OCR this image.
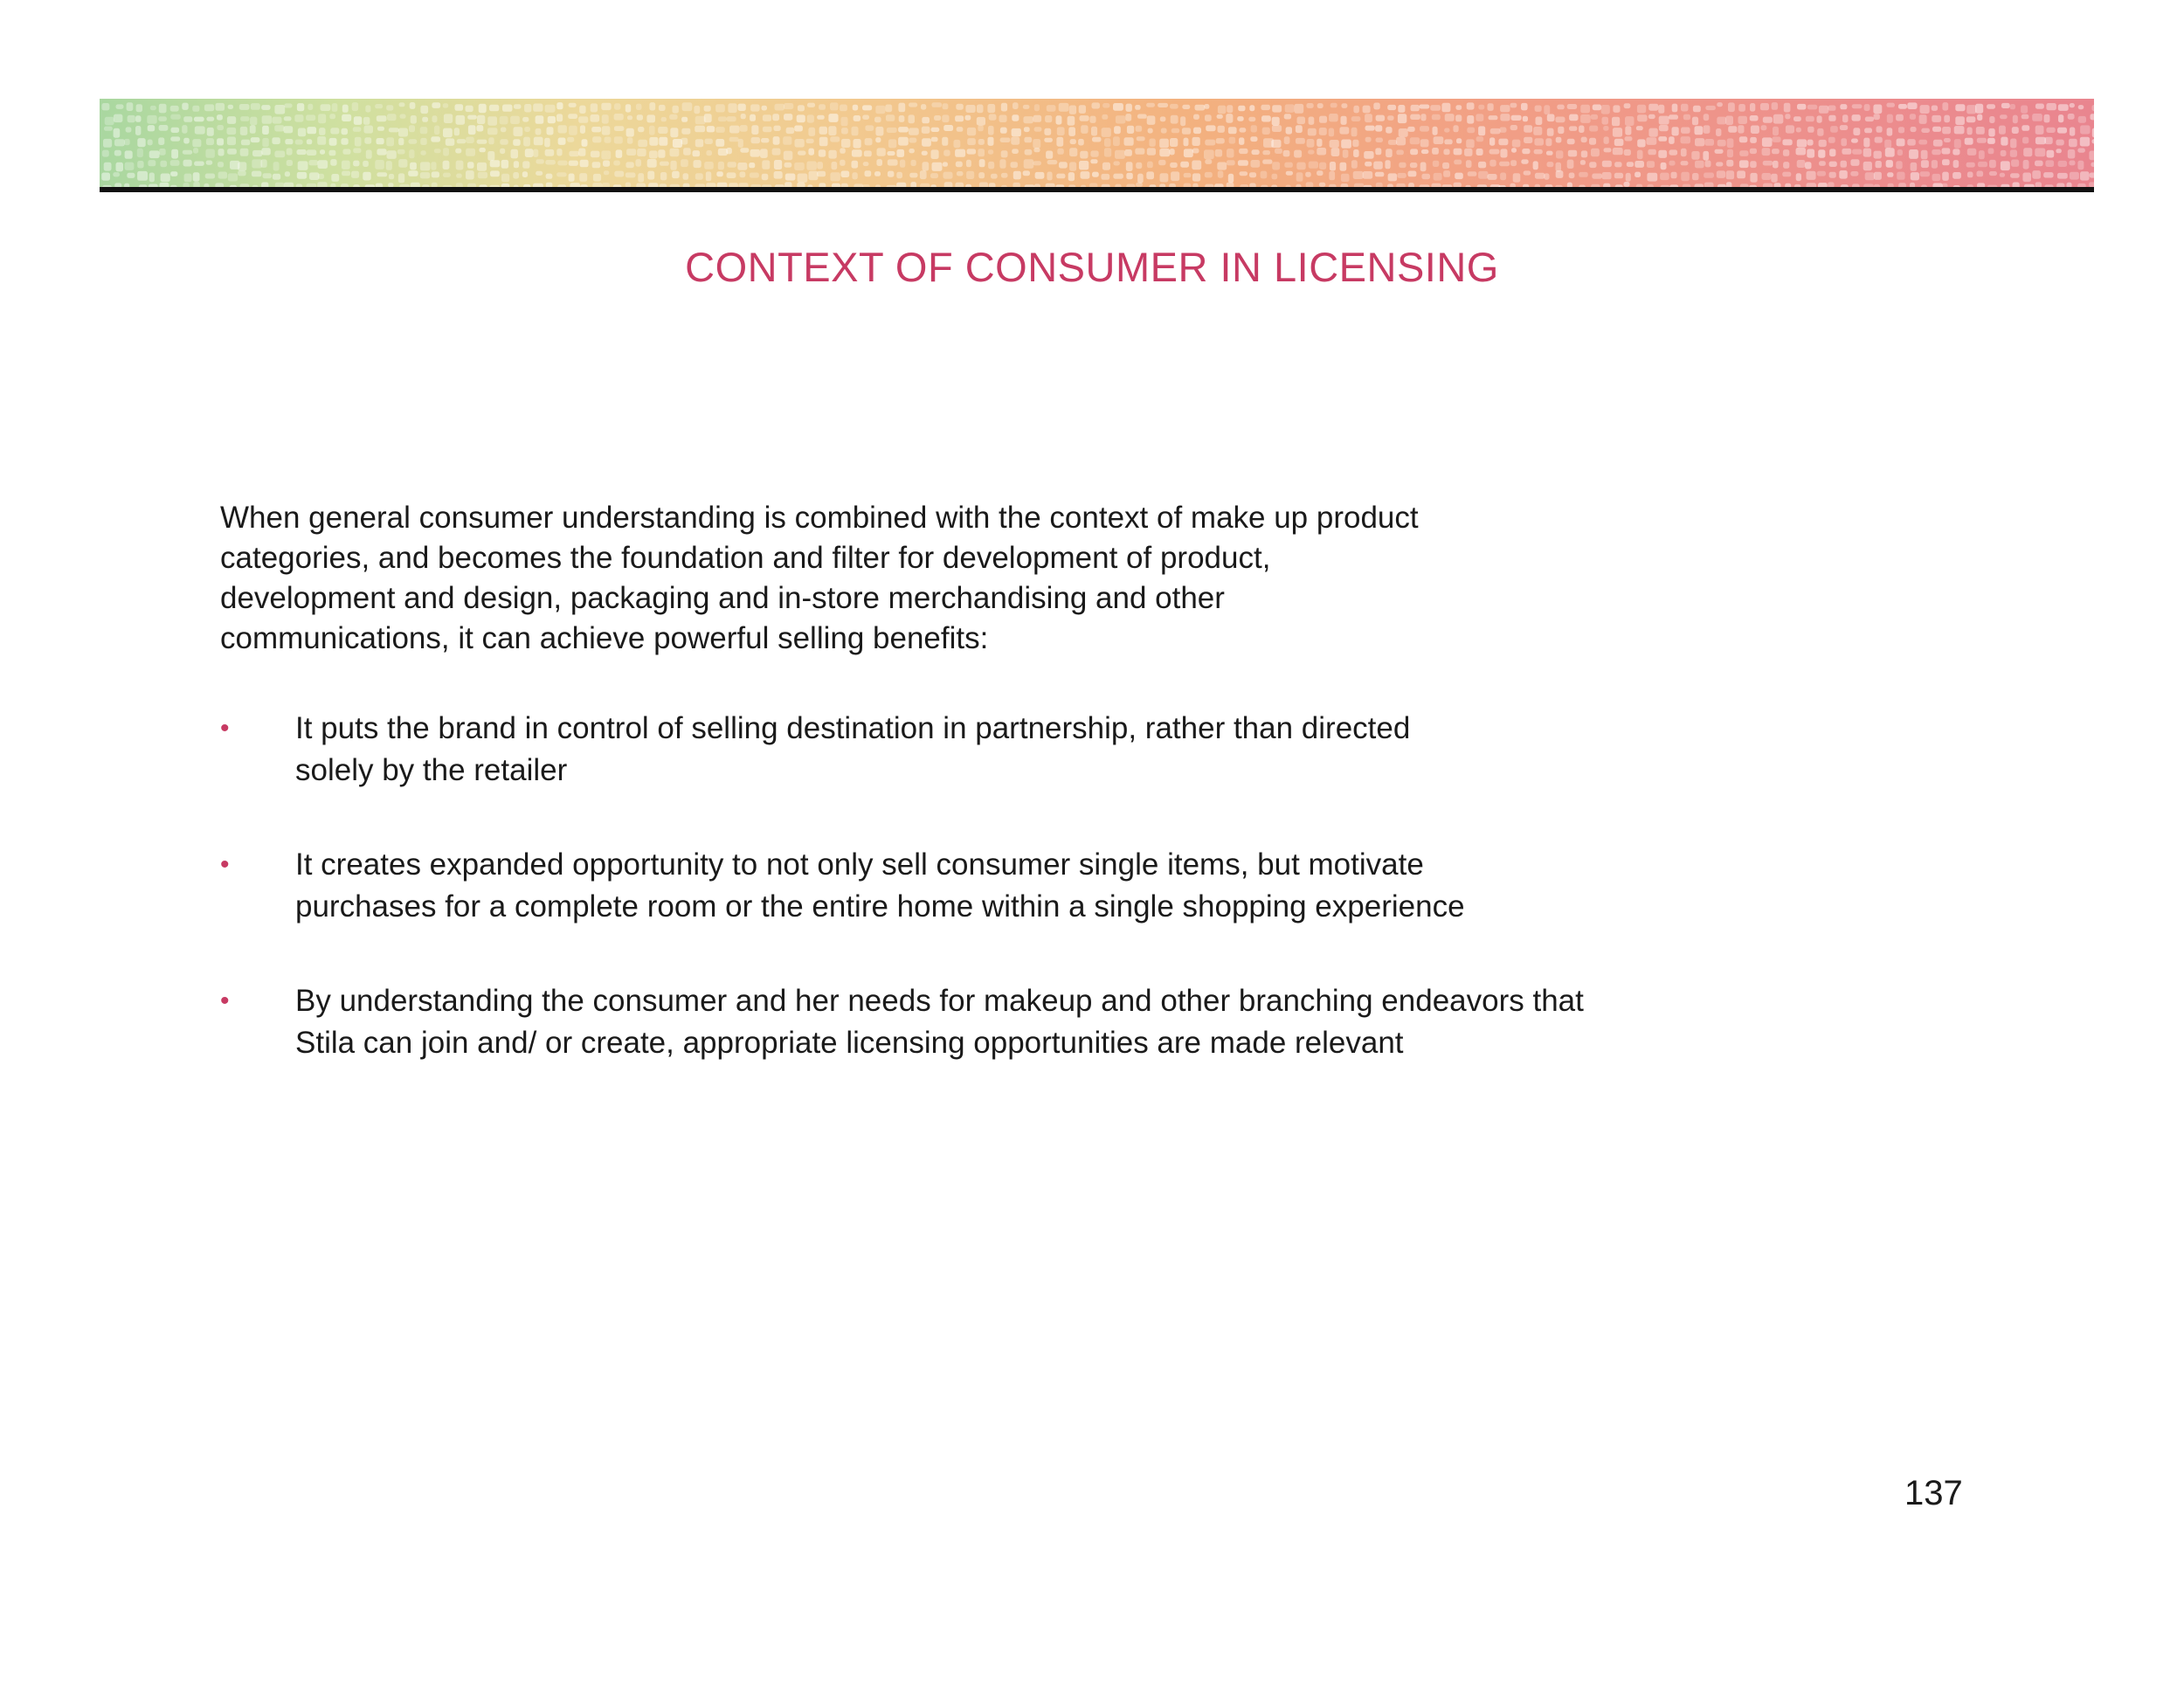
CONTEXT OF CONSUMER IN LICENSING

When general consumer understanding is combined with the context of make up product
categories, and becomes the foundation and filter for development of product,
development and design, packaging and in-store merchandising and other
communications, it can achieve powerful selling benefits:

• It puts the brand in control of selling destination in partnership, rather than directed
solely by the retailer
• It creates expanded opportunity to not only sell consumer single items, but motivate
purchases for a complete room or the entire home within a single shopping experience
• By understanding the consumer and her needs for makeup and other branching endeavors that
Stila can join and/ or create, appropriate licensing opportunities are made relevant
137
